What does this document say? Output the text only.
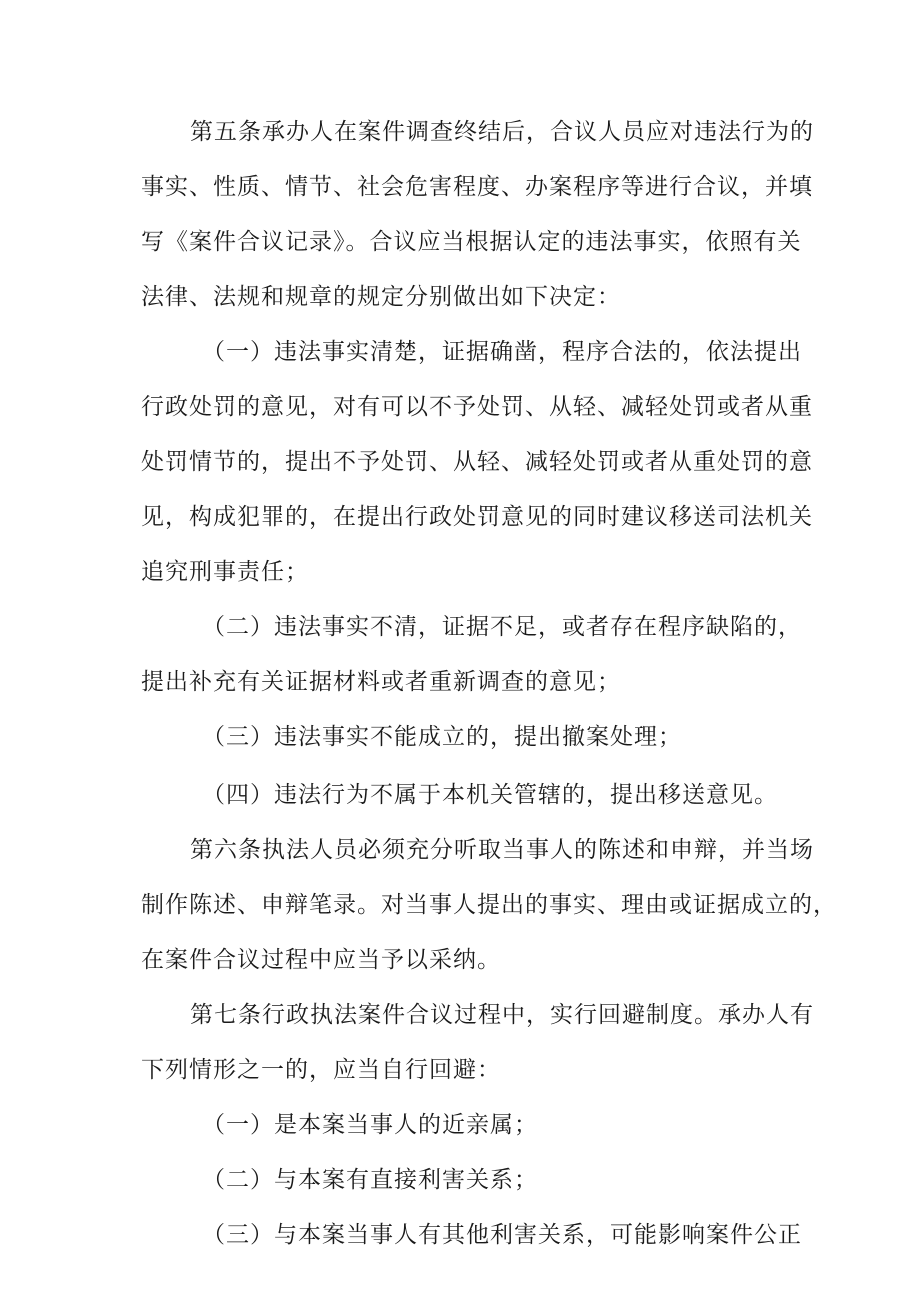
第五条承办人在案件调查终结后，合议人员应对违法行为的
事实、性质、情节、社会危害程度、办案程序等进行合议，并填
写《案件合议记录》。合议应当根据认定的违法事实，依照有关
法律、法规和规章的规定分别做出如下决定：
（一）违法事实清楚，证据确凿，程序合法的，依法提出
行政处罚的意见，对有可以不予处罚、从轻、减轻处罚或者从重
处罚情节的，提出不予处罚、从轻、减轻处罚或者从重处罚的意
见，构成犯罪的，在提出行政处罚意见的同时建议移送司法机关
追究刑事责任；
（二）违法事实不清，证据不足，或者存在程序缺陷的，
提出补充有关证据材料或者重新调查的意见；
（三）违法事实不能成立的，提出撤案处理；
（四）违法行为不属于本机关管辖的，提出移送意见。
第六条执法人员必须充分听取当事人的陈述和申辩，并当场
制作陈述、申辩笔录。对当事人提出的事实、理由或证据成立的，
在案件合议过程中应当予以采纳。
第七条行政执法案件合议过程中，实行回避制度。承办人有
下列情形之一的，应当自行回避：
（一）是本案当事人的近亲属；
（二）与本案有直接利害关系；
（三）与本案当事人有其他利害关系，可能影响案件公正
